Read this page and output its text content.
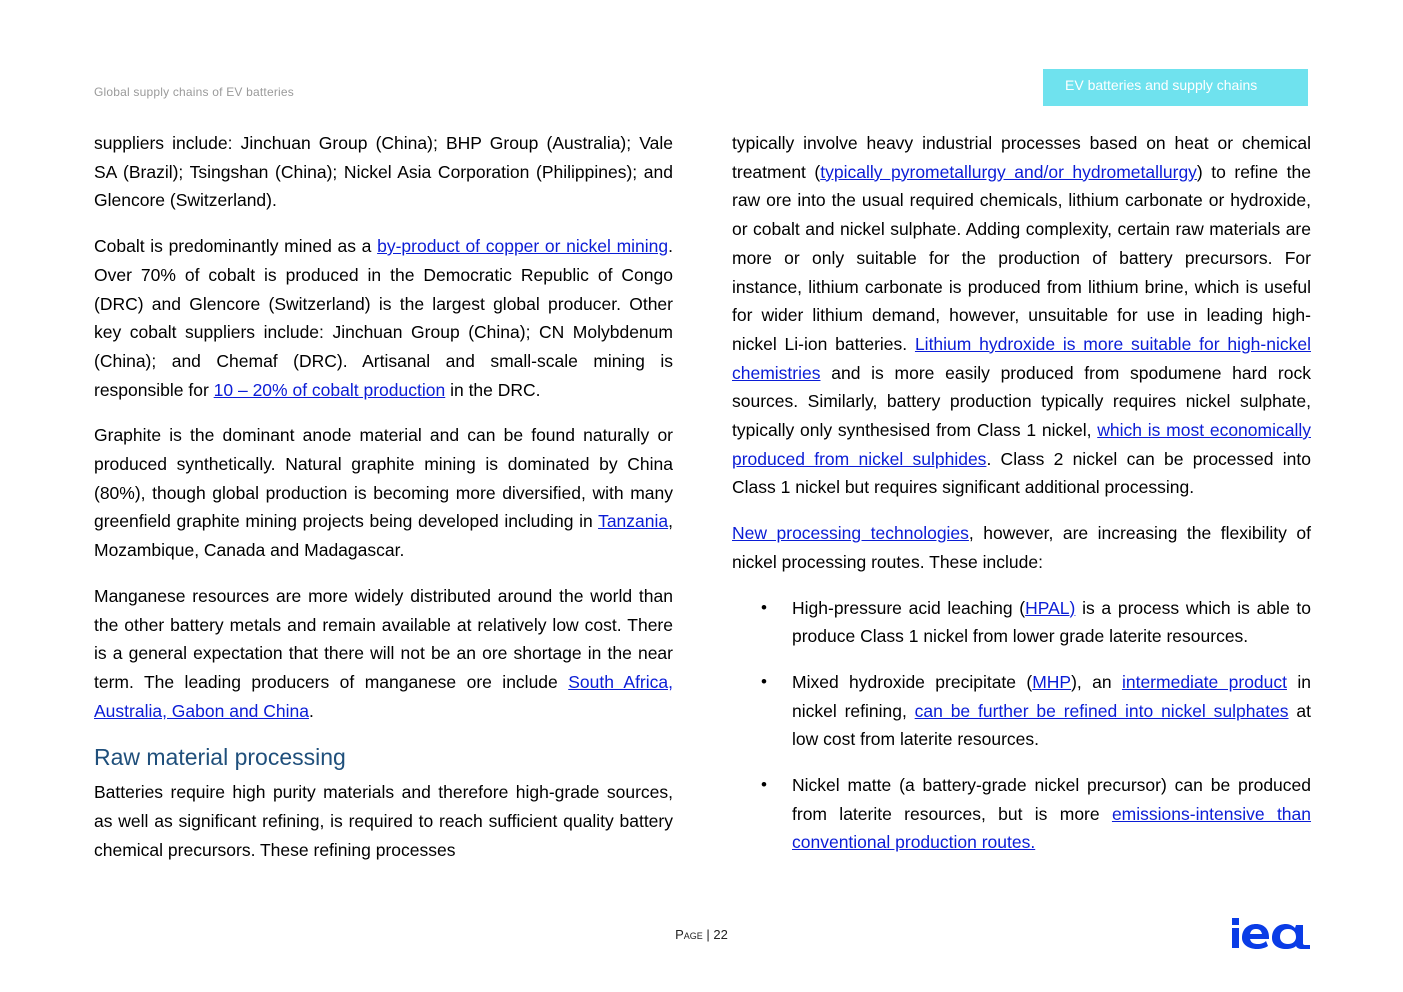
Global supply chains of EV batteries	EV batteries and supply chains

suppliers include: Jinchuan Group (China); BHP Group (Australia); Vale SA (Brazil); Tsingshan (China); Nickel Asia Corporation (Philippines); and Glencore (Switzerland).

Cobalt is predominantly mined as a by-product of copper or nickel mining. Over 70% of cobalt is produced in the Democratic Republic of Congo (DRC) and Glencore (Switzerland) is the largest global producer. Other key cobalt suppliers include: Jinchuan Group (China); CN Molybdenum (China); and Chemaf (DRC). Artisanal and small-scale mining is responsible for 10 – 20% of cobalt production in the DRC.

Graphite is the dominant anode material and can be found naturally or produced synthetically. Natural graphite mining is dominated by China (80%), though global production is becoming more diversified, with many greenfield graphite mining projects being developed including in Tanzania, Mozambique, Canada and Madagascar.

Manganese resources are more widely distributed around the world than the other battery metals and remain available at relatively low cost. There is a general expectation that there will not be an ore shortage in the near term. The leading producers of manganese ore include South Africa, Australia, Gabon and China.

Raw material processing

Batteries require high purity materials and therefore high-grade sources, as well as significant refining, is required to reach sufficient quality battery chemical precursors. These refining processes

typically involve heavy industrial processes based on heat or chemical treatment (typically pyrometallurgy and/or hydrometallurgy) to refine the raw ore into the usual required chemicals, lithium carbonate or hydroxide, or cobalt and nickel sulphate. Adding complexity, certain raw materials are more or only suitable for the production of battery precursors. For instance, lithium carbonate is produced from lithium brine, which is useful for wider lithium demand, however, unsuitable for use in leading high-nickel Li-ion batteries. Lithium hydroxide is more suitable for high-nickel chemistries and is more easily produced from spodumene hard rock sources. Similarly, battery production typically requires nickel sulphate, typically only synthesised from Class 1 nickel, which is most economically produced from nickel sulphides. Class 2 nickel can be processed into Class 1 nickel but requires significant additional processing.

New processing technologies, however, are increasing the flexibility of nickel processing routes. These include:

• High-pressure acid leaching (HPAL) is a process which is able to produce Class 1 nickel from lower grade laterite resources.
• Mixed hydroxide precipitate (MHP), an intermediate product in nickel refining, can be further be refined into nickel sulphates at low cost from laterite resources.
• Nickel matte (a battery-grade nickel precursor) can be produced from laterite resources, but is more emissions-intensive than conventional production routes.
Page | 22
